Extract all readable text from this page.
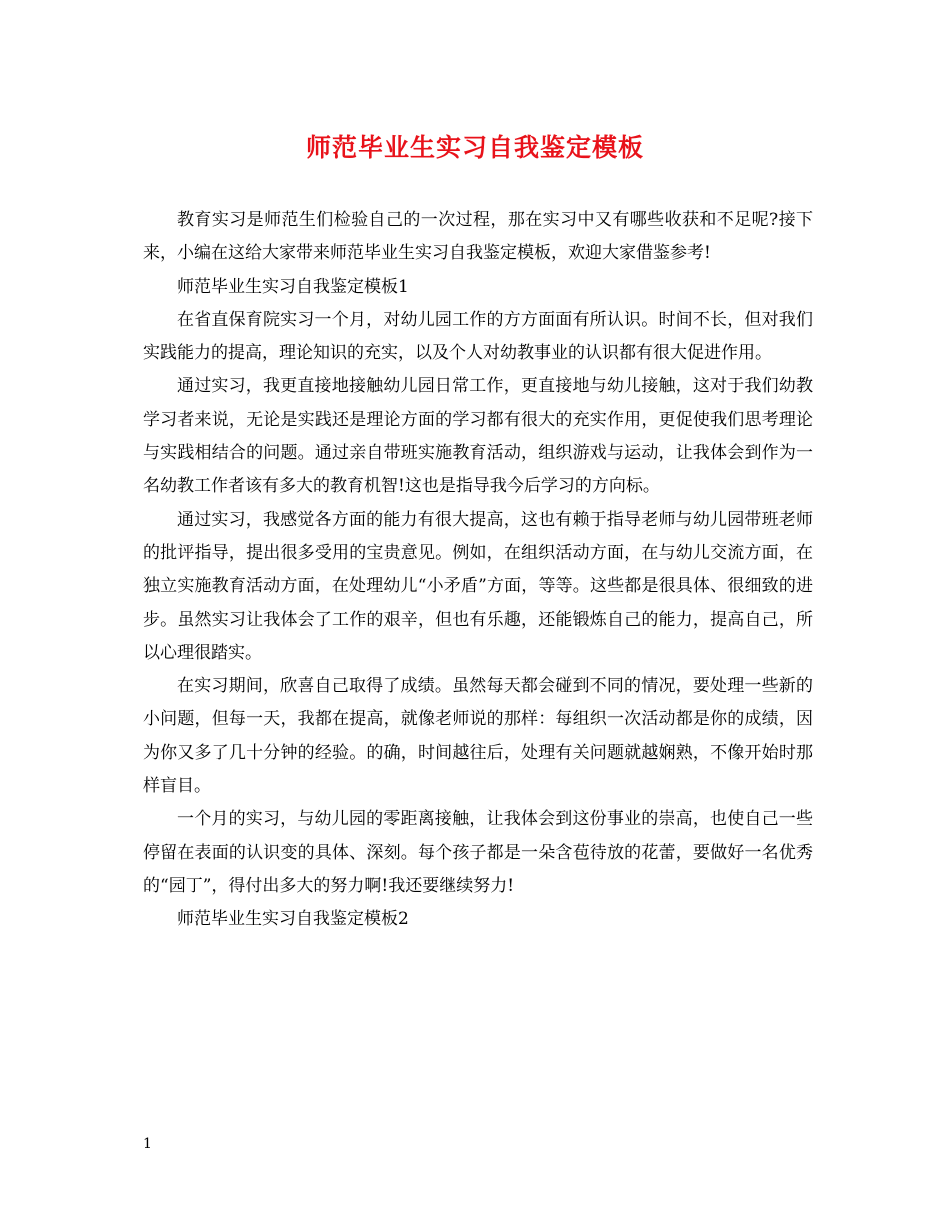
师范毕业生实习自我鉴定模板

教育实习是师范生们检验自己的一次过程，那在实习中又有哪些收获和不足呢?接下来，小编在这给大家带来师范毕业生实习自我鉴定模板，欢迎大家借鉴参考!

师范毕业生实习自我鉴定模板1

在省直保育院实习一个月，对幼儿园工作的方方面面有所认识。时间不长，但对我们实践能力的提高，理论知识的充实，以及个人对幼教事业的认识都有很大促进作用。

通过实习，我更直接地接触幼儿园日常工作，更直接地与幼儿接触，这对于我们幼教学习者来说，无论是实践还是理论方面的学习都有很大的充实作用，更促使我们思考理论与实践相结合的问题。通过亲自带班实施教育活动，组织游戏与运动，让我体会到作为一名幼教工作者该有多大的教育机智!这也是指导我今后学习的方向标。

通过实习，我感觉各方面的能力有很大提高，这也有赖于指导老师与幼儿园带班老师的批评指导，提出很多受用的宝贵意见。例如，在组织活动方面，在与幼儿交流方面，在独立实施教育活动方面，在处理幼儿“小矛盾”方面，等等。这些都是很具体、很细致的进步。虽然实习让我体会了工作的艰辛，但也有乐趣，还能锻炼自己的能力，提高自己，所以心理很踏实。

在实习期间，欣喜自己取得了成绩。虽然每天都会碰到不同的情况，要处理一些新的小问题，但每一天，我都在提高，就像老师说的那样：每组织一次活动都是你的成绩，因为你又多了几十分钟的经验。的确，时间越往后，处理有关问题就越娴熟，不像开始时那样盲目。

一个月的实习，与幼儿园的零距离接触，让我体会到这份事业的崇高，也使自己一些停留在表面的认识变的具体、深刻。每个孩子都是一朵含苞待放的花蕾，要做好一名优秀的“园丁”，得付出多大的努力啊!我还要继续努力!

师范毕业生实习自我鉴定模板2

1
